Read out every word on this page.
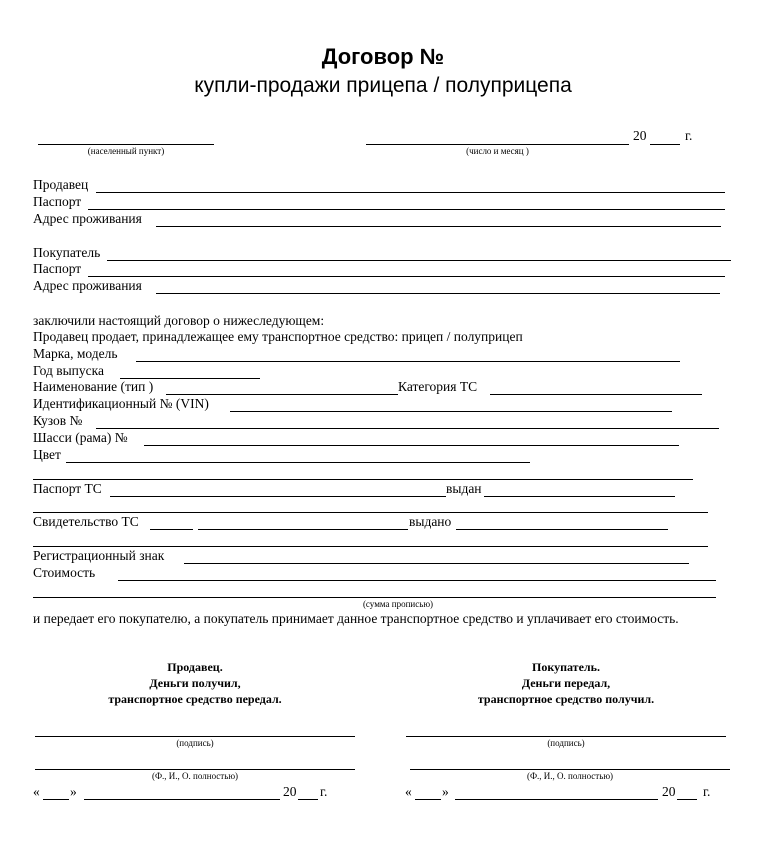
Договор №
купли-продажи прицепа / полуприцепа
(населенный пункт)	(число и месяц )
20	г.
Продавец
Паспорт
Адрес проживания
Покупатель
Паспорт
Адрес проживания
заключили настоящий договор о нижеследующем:
Продавец продает, принадлежащее ему транспортное средство: прицеп / полуприцеп
Марка, модель
Год выпуска
Наименование (тип )	Категория ТС
Идентификационный № (VIN)
Кузов №
Шасси (рама) №
Цвет
Паспорт ТС	выдан
Свидетельство ТС	выдано
Регистрационный знак
Стоимость
(сумма прописью)
и передает его покупателю, а покупатель принимает данное транспортное средство и уплачивает его стоимость.
Продавец.
Деньги получил,
транспортное средство передал.
(подпись)
(Ф., И., О. полностью)
« »	20 г.
Покупатель.
Деньги передал,
транспортное средство получил.
(подпись)
(Ф., И., О. полностью)
« »	20 г.
